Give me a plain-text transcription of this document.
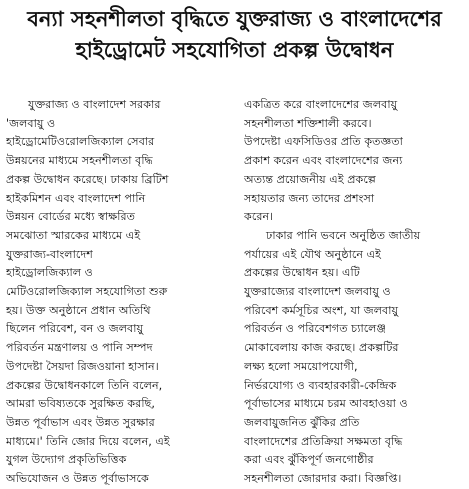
বন্যা সহনশীলতা বৃদ্ধিতে যুক্তরাজ্য ও বাংলাদেশের
হাইড্রোমেট সহযোগিতা প্রকল্প উদ্বোধন
যুক্তরাজ্য ও বাংলাদেশ সরকার
'জলবায়ু ও
হাইড্রোমেটিওরোলজিক্যাল সেবার
উন্নয়নের মাধ্যমে সহনশীলতা বৃদ্ধি
প্রকল্প উদ্বোধন করেছে। ঢাকায় ব্রিটিশ
হাইকমিশন এবং বাংলাদেশ পানি
উন্নয়ন বোর্ডের মধ্যে স্বাক্ষরিত
সমঝোতা স্মারকের মাধ্যমে এই
যুক্তরাজ্য-বাংলাদেশ
হাইড্রোলজিক্যাল ও
মেটিওরোলজিক্যাল সহযোগিতা শুরু
হয়। উক্ত অনুষ্ঠানে প্রধান অতিথি
ছিলেন পরিবেশ, বন ও জলবায়ু
পরিবর্তন মন্ত্রণালয় ও পানি সম্পদ
উপদেষ্টা সৈয়দা রিজওয়ানা হাসান।
প্রকল্পের উদ্বোধনকালে তিনি বলেন,
আমরা ভবিষ্যতকে সুরক্ষিত করছি,
উন্নত পূর্বাভাস এবং উন্নত সুরক্ষার
মাধ্যমে।' তিনি জোর দিয়ে বলেন, এই
যুগল উদ্যোগ প্রকৃতিভিত্তিক
অভিযোজন ও উন্নত পূর্বাভাসকে
একত্রিত করে বাংলাদেশের জলবায়ু
সহনশীলতা শক্তিশালী করবে।
উপদেষ্টা এফসিডিওর প্রতি কৃতজ্ঞতা
প্রকাশ করেন এবং বাংলাদেশের জন্য
অত্যন্ত প্রয়োজনীয় এই প্রকল্পে
সহায়তার জন্য তাদের প্রশংসা
করেন।
ঢাকার পানি ভবনে অনুষ্ঠিত জাতীয়
পর্যায়ের এই যৌথ অনুষ্ঠানে এই
প্রকল্পের উদ্বোধন হয়। এটি
যুক্তরাজ্যের বাংলাদেশ জলবায়ু ও
পরিবেশ কর্মসূচির অংশ, যা জলবায়ু
পরিবর্তন ও পরিবেশগত চ্যালেঞ্জ
মোকাবেলায় কাজ করছে। প্রকল্পটির
লক্ষ্য হলো সময়োপযোগী,
নির্ভরযোগ্য ও ব্যবহারকারী-কেন্দ্রিক
পূর্বাভাসের মাধ্যমে চরম আবহাওয়া ও
জলবায়ুজনিত ঝুঁকির প্রতি
বাংলাদেশের প্রতিক্রিয়া সক্ষমতা বৃদ্ধি
করা এবং ঝুঁকিপূর্ণ জনগোষ্ঠীর
সহনশীলতা জোরদার করা। বিজ্ঞপ্তি।
